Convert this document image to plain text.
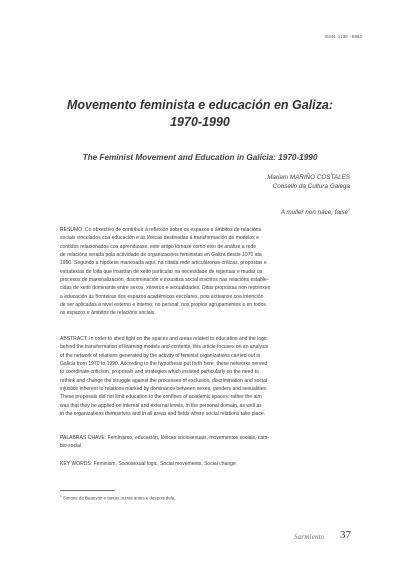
ISSN: 1138 - 5863
Movemento feminista e educación en Galiza:
1970-1990
The Feminist Movement and Education in Galicia: 1970-1990
Mariam MARIÑO COSTALES
Consello da Cultura Galega
A muller non nace, faise$^1$
RESUMO: Co obxectivo de contribuír á reflexión sobre os espazos e âmbitos de relacións
sociais vinculados coa educación e ás lóxicas destinadas á transformación de modelos e
contidos relacionados coa aprendizaxe, este artigo tómase como eixo de análise a rede
de relacións xerada pola actividade de organizacións feministas en Galiza desde 1970 ata
1990. Segundo a hipótese manexada aquí, na citada rede articuláronse críticas, propostas e
estratexias de loita que insistían de xeito particular na necesidade de repensar e mudar os
procesos de marxinalización, discriminación e inxustiza social inscritos nas relacións estable-
cidas de xeito dominante entre sexos, xéneros e sexualidades. Ditas propostas non restrinxen
a educación ás fronteiras dos espazos académicos escolares, pois activanse coa intención
de ser aplicadas a nivel externo e interno; no persoal, nos propios agrupamentos e en todos
os espazos e âmbitos de relacións sociais.
ABSTRACT: In order to shed light on the spaces and areas related to education and the logic
behind the transformation of learning models and contents, this article focuses on an analysis
of the network of relations generated by the activity of feminist organizations carried out in
Galicia from 1970 to 1990. According to the hypothesis put forth here, these networks served
to coordinate criticism, proposals and strategies which insisted particularly on the need to
rethink and change the struggle against the processes of exclusion, discrimination and social
injustice inherent to relations marked by dominance between sexes, genders and sexualities.
These proposals did not limit education to the confines of academic spaces; rather the aim
was that they be applied on internal and external levels, in the personal domain, as well as
in the organizations themselves and in all areas and fields where social relations take place.
PALABRAS CHAVE: Feminismo, educación, lóxicas sociosexuais, movementos sociais, cam-
bio social
KEY WORDS: Feminism, Sociosexual logic, Social movements, Social change
$^1$ Simone de Beauvoir e tantas outras antes e despois dela.
Sarmiento 37
